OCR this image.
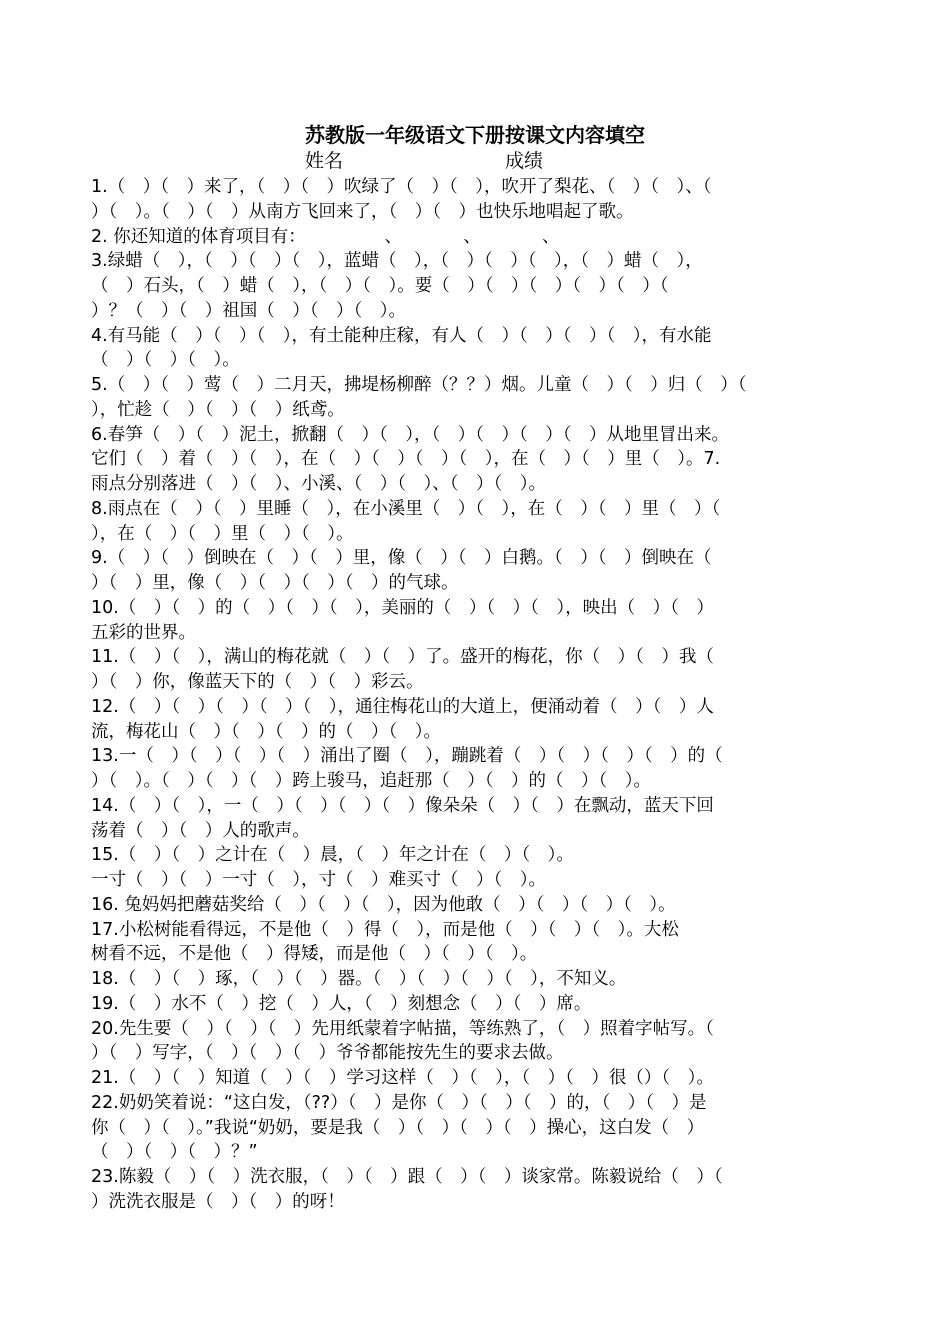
苏教版一年级语文下册按课文内容填空
姓名	成绩
1.（　）（　）来了，（　）（　）吹绿了（　）（　），吹开了梨花、（　）（　）、（
）（　）。（　）（　）从南方飞回来了，（　）（　）也快乐地唱起了歌。
2. 你还知道的体育项目有：　　　　　、　　　　、　　　　、
3.绿蜡（　），（　）（　）（　），蓝蜡（　），（　）（　）（　），（　）蜡（　），
（　）石头，（　）蜡（　），（　）（　）。要（　）（　）（　）（　）（　）（
）？（　）（　）祖国（　）（　）（　）。
4.有马能（　）（　）（　），有土能种庄稼，有人（　）（　）（　）（　），有水能
（　）（　）（　）。
5.（　）（　）莺（　）二月天，拂堤杨柳醉（？？）烟。儿童（　）（　）归（　）（
），忙趁（　）（　）（　）纸鸢。
6.春笋（　）（　）泥土，掀翻（　）（　），（　）（　）（　）（　）从地里冒出来。
它们（　）着（　）（　），在（　）（　）（　）（　），在（　）（　）里（　）。7.
雨点分别落进（　）（　）、小溪、（　）（　）、（　）（　）。
8.雨点在（　）（　）里睡（　），在小溪里（　）（　），在（　）（　）里（　）（
），在（　）（　）里（　）（　）。
9.（　）（　）倒映在（　）（　）里，像（　）（　）白鹅。（　）（　）倒映在（
）（　）里，像（　）（　）（　）（　）的气球。
10.（　）（　）的（　）（　）（　），美丽的（　）（　）（　），映出（　）（　）
五彩的世界。
11.（　）（　），满山的梅花就（　）（　）了。盛开的梅花，你（　）（　）我（
）（　）你，像蓝天下的（　）（　）彩云。
12.（　）（　）（　）（　）（　），通往梅花山的大道上，便涌动着（　）（　）人
流，梅花山（　）（　）（　）的（　）（　）。
13.一（　）（　）（　）（　）涌出了圈（　），蹦跳着（　）（　）（　）（　）的（
）（　）。（　）（　）（　）跨上骏马，追赶那（　）（　）的（　）（　）。
14.（　）（　），一（　）（　）（　）（　）像朵朵（　）（　）在飘动，蓝天下回
荡着（　）（　）人的歌声。
15.（　）（　）之计在（　）晨，（　）年之计在（　）（　）。
一寸（　）（　）一寸（　），寸（　）难买寸（　）（　）。
16. 兔妈妈把蘑菇奖给（　）（　）（　），因为他敢（　）（　）（　）（　）。
17.小松树能看得远，不是他（　）得（　），而是他（　）（　）（　）。大松
树看不远，不是他（　）得矮，而是他（　）（　）（　）。
18.（　）（　）琢，（　）（　）器。（　）（　）（　）（　），不知义。
19.（　）水不（　）挖（　）人，（　）刻想念（　）（　）席。
20.先生要（　）（　）（　）先用纸蒙着字帖描，等练熟了，（　）照着字帖写。（
）（　）写字，（　）（　）（　）爷爷都能按先生的要求去做。
21.（　）（　）知道（　）（　）学习这样（　）（　），（　）（　）很（）（　）。
22.奶奶笑着说：“这白发，（??）（　）是你（　）（　）（　）的，（　）（　）是
你（　）（　）。”我说“奶奶，要是我（　）（　）（　）（　）操心，这白发（　）
（　）（　）（　）？”
23.陈毅（　）（　）洗衣服，（　）（　）跟（　）（　）谈家常。陈毅说给（　）（
）洗洗衣服是（　）（　）的呀！
